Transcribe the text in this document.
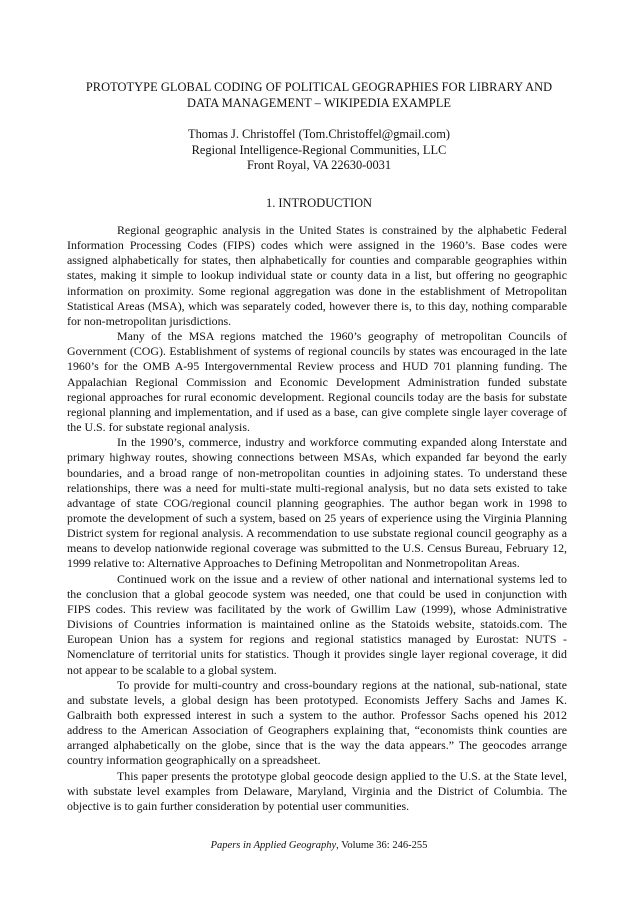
PROTOTYPE GLOBAL CODING OF POLITICAL GEOGRAPHIES FOR LIBRARY AND
DATA MANAGEMENT – WIKIPEDIA EXAMPLE
Thomas J. Christoffel (Tom.Christoffel@gmail.com)
Regional Intelligence-Regional Communities, LLC
Front Royal, VA 22630-0031
1. INTRODUCTION

Regional geographic analysis in the United States is constrained by the alphabetic Federal Information Processing Codes (FIPS) codes which were assigned in the 1960’s. Base codes were assigned alphabetically for states, then alphabetically for counties and comparable geographies within states, making it simple to lookup individual state or county data in a list, but offering no geographic information on proximity. Some regional aggregation was done in the establishment of Metropolitan Statistical Areas (MSA), which was separately coded, however there is, to this day, nothing comparable for non-metropolitan jurisdictions.

Many of the MSA regions matched the 1960’s geography of metropolitan Councils of Government (COG). Establishment of systems of regional councils by states was encouraged in the late 1960’s for the OMB A-95 Intergovernmental Review process and HUD 701 planning funding. The Appalachian Regional Commission and Economic Development Administration funded substate regional approaches for rural economic development. Regional councils today are the basis for substate regional planning and implementation, and if used as a base, can give complete single layer coverage of the U.S. for substate regional analysis.

In the 1990’s, commerce, industry and workforce commuting expanded along Interstate and primary highway routes, showing connections between MSAs, which expanded far beyond the early boundaries, and a broad range of non-metropolitan counties in adjoining states. To understand these relationships, there was a need for multi-state multi-regional analysis, but no data sets existed to take advantage of state COG/regional council planning geographies. The author began work in 1998 to promote the development of such a system, based on 25 years of experience using the Virginia Planning District system for regional analysis. A recommendation to use substate regional council geography as a means to develop nationwide regional coverage was submitted to the U.S. Census Bureau, February 12, 1999 relative to: Alternative Approaches to Defining Metropolitan and Nonmetropolitan Areas.

Continued work on the issue and a review of other national and international systems led to the conclusion that a global geocode system was needed, one that could be used in conjunction with FIPS codes. This review was facilitated by the work of Gwillim Law (1999), whose Administrative Divisions of Countries information is maintained online as the Statoids website, statoids.com. The European Union has a system for regions and regional statistics managed by Eurostat: NUTS - Nomenclature of territorial units for statistics. Though it provides single layer regional coverage, it did not appear to be scalable to a global system.

To provide for multi-country and cross-boundary regions at the national, sub-national, state and substate levels, a global design has been prototyped. Economists Jeffery Sachs and James K. Galbraith both expressed interest in such a system to the author. Professor Sachs opened his 2012 address to the American Association of Geographers explaining that, “economists think counties are arranged alphabetically on the globe, since that is the way the data appears.” The geocodes arrange country information geographically on a spreadsheet.

This paper presents the prototype global geocode design applied to the U.S. at the State level, with substate level examples from Delaware, Maryland, Virginia and the District of Columbia. The objective is to gain further consideration by potential user communities.

Papers in Applied Geography, Volume 36: 246-255
